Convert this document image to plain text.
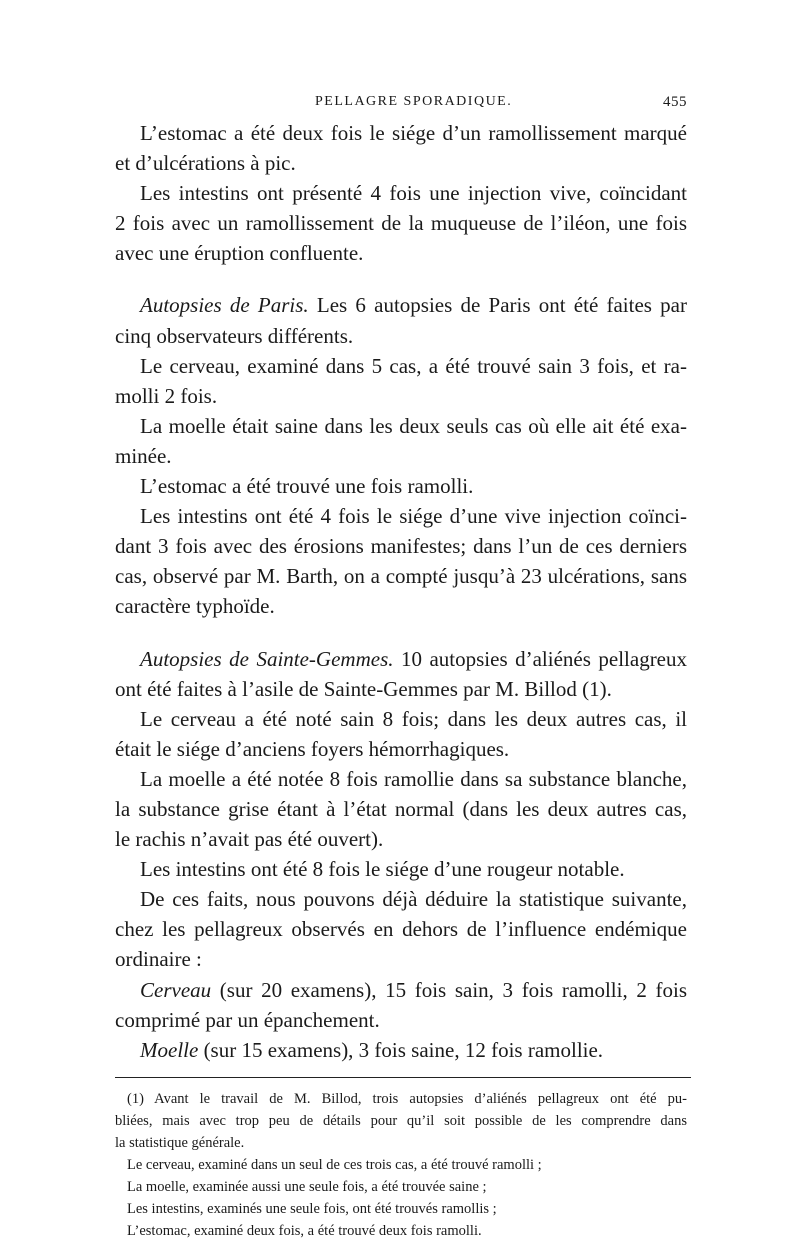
PELLAGRE SPORADIQUE.	455
L’estomac a été deux fois le siége d’un ramollissement marqué
et d’ulcérations à pic.
Les intestins ont présenté 4 fois une injection vive, coïncidant
2 fois avec un ramollissement de la muqueuse de l’iléon, une fois
avec une éruption confluente.
Autopsies de Paris. Les 6 autopsies de Paris ont été faites par
cinq observateurs différents.
Le cerveau, examiné dans 5 cas, a été trouvé sain 3 fois, et ra-
molli 2 fois.
La moelle était saine dans les deux seuls cas où elle ait été exa-
minée.
L’estomac a été trouvé une fois ramolli.
Les intestins ont été 4 fois le siége d’une vive injection coïnci-
dant 3 fois avec des érosions manifestes; dans l’un de ces derniers
cas, observé par M. Barth, on a compté jusqu’à 23 ulcérations, sans
caractère typhoïde.
Autopsies de Sainte-Gemmes. 10 autopsies d’aliénés pellagreux
ont été faites à l’asile de Sainte-Gemmes par M. Billod (1).
Le cerveau a été noté sain 8 fois; dans les deux autres cas, il
était le siége d’anciens foyers hémorrhagiques.
La moelle a été notée 8 fois ramollie dans sa substance blanche,
la substance grise étant à l’état normal (dans les deux autres cas,
le rachis n’avait pas été ouvert).
Les intestins ont été 8 fois le siége d’une rougeur notable.
De ces faits, nous pouvons déjà déduire la statistique suivante,
chez les pellagreux observés en dehors de l’influence endémique
ordinaire :
Cerveau (sur 20 examens), 15 fois sain, 3 fois ramolli, 2 fois
comprimé par un épanchement.
Moelle (sur 15 examens), 3 fois saine, 12 fois ramollie.
(1) Avant le travail de M. Billod, trois autopsies d’aliénés pellagreux ont été pu-
bliées, mais avec trop peu de détails pour qu’il soit possible de les comprendre dans
la statistique générale.
Le cerveau, examiné dans un seul de ces trois cas, a été trouvé ramolli ;
La moelle, examinée aussi une seule fois, a été trouvée saine ;
Les intestins, examinés une seule fois, ont été trouvés ramollis ;
L’estomac, examiné deux fois, a été trouvé deux fois ramolli.
